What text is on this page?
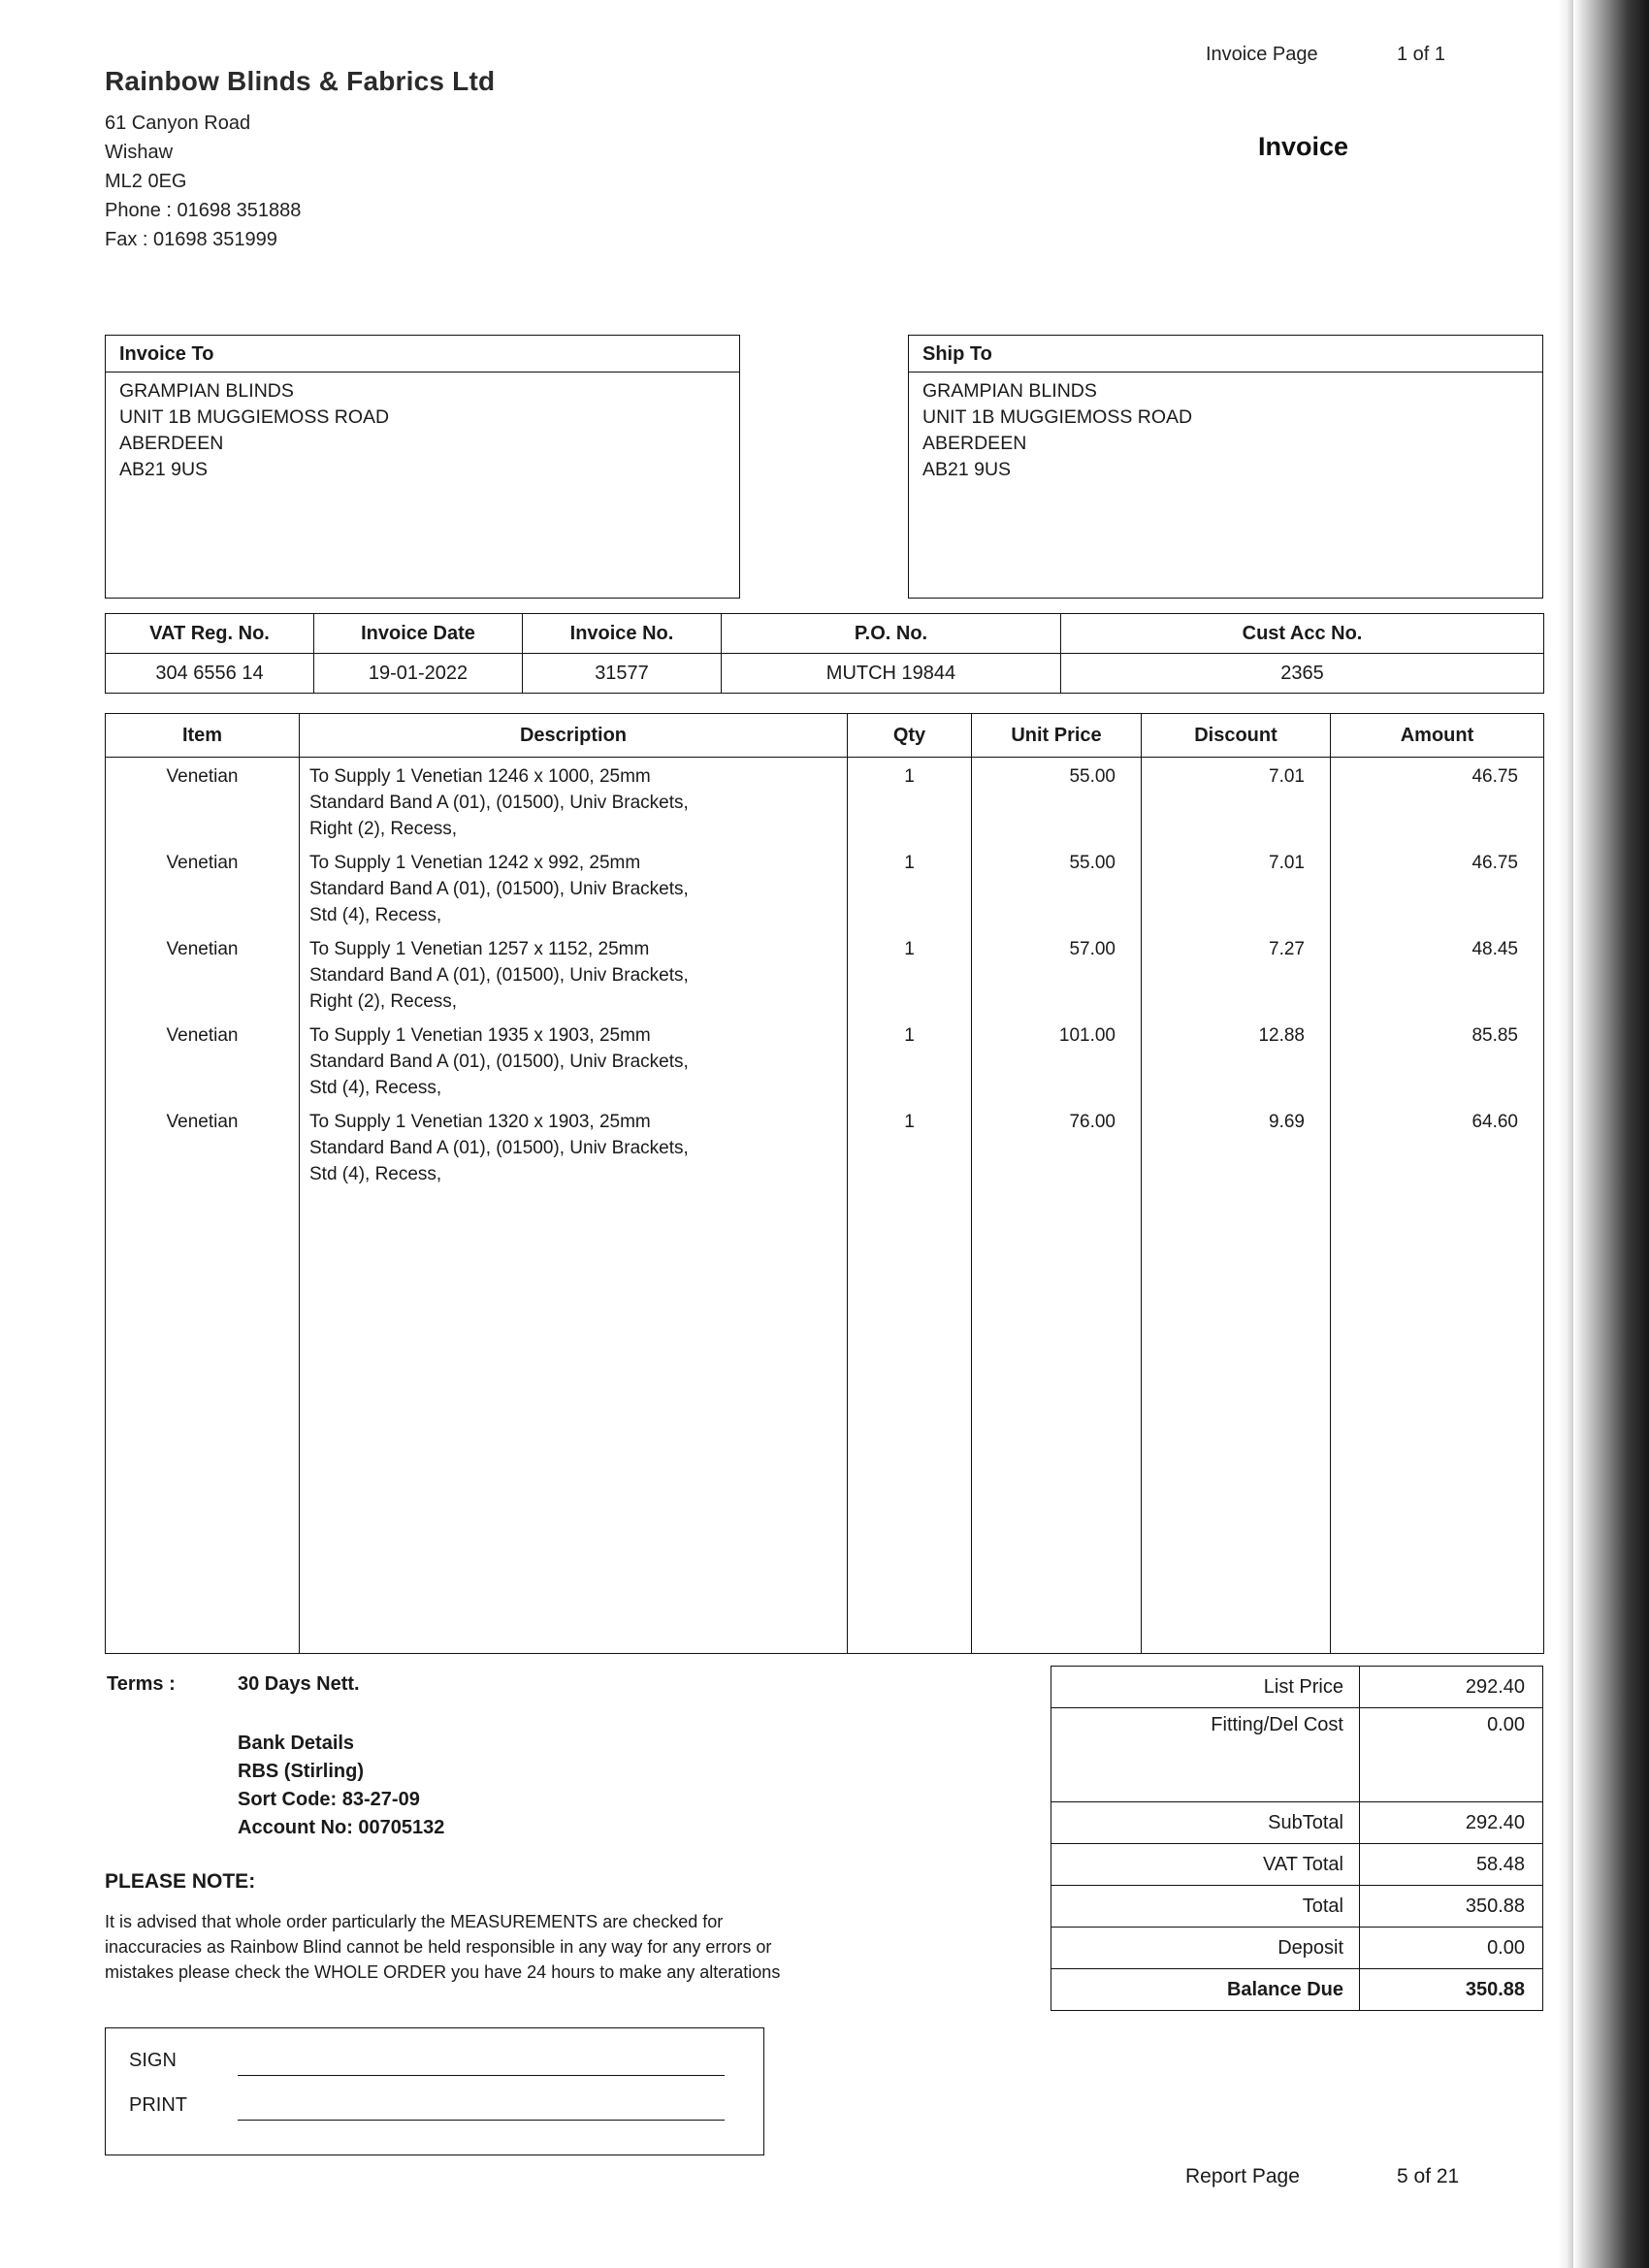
Rainbow Blinds & Fabrics Ltd
61 Canyon Road
Wishaw
ML2 0EG
Phone : 01698 351888
Fax : 01698 351999
Invoice Page	1 of 1
Invoice
Invoice To
GRAMPIAN BLINDS
UNIT 1B MUGGIEMOSS ROAD
ABERDEEN
AB21 9US
Ship To
GRAMPIAN BLINDS
UNIT 1B MUGGIEMOSS ROAD
ABERDEEN
AB21 9US
VAT Reg. No.	Invoice Date	Invoice No.	P.O. No.	Cust Acc No.
304 6556 14	19-01-2022	31577	MUTCH 19844	2365
Item	Description	Qty	Unit Price	Discount	Amount
Venetian	To Supply 1 Venetian 1246 x 1000, 25mm
Standard Band A (01), (01500), Univ Brackets,
Right (2), Recess,	1	55.00	7.01	46.75
Venetian	To Supply 1 Venetian 1242 x 992, 25mm
Standard Band A (01), (01500), Univ Brackets,
Std (4), Recess,	1	55.00	7.01	46.75
Venetian	To Supply 1 Venetian 1257 x 1152, 25mm
Standard Band A (01), (01500), Univ Brackets,
Right (2), Recess,	1	57.00	7.27	48.45
Venetian	To Supply 1 Venetian 1935 x 1903, 25mm
Standard Band A (01), (01500), Univ Brackets,
Std (4), Recess,	1	101.00	12.88	85.85
Venetian	To Supply 1 Venetian 1320 x 1903, 25mm
Standard Band A (01), (01500), Univ Brackets,
Std (4), Recess,	1	76.00	9.69	64.60

Terms :	30 Days Nett.
Bank Details
RBS (Stirling)
Sort Code: 83-27-09
Account No: 00705132
PLEASE NOTE:
It is advised that whole order particularly the MEASUREMENTS are checked for
inaccuracies as Rainbow Blind cannot be held responsible in any way for any errors or
mistakes please check the WHOLE ORDER you have 24 hours to make any alterations
SIGN
PRINT
List Price	292.40
Fitting/Del Cost	0.00
SubTotal	292.40
VAT Total	58.48
Total	350.88
Deposit	0.00
Balance Due	350.88
Report Page	5 of 21
